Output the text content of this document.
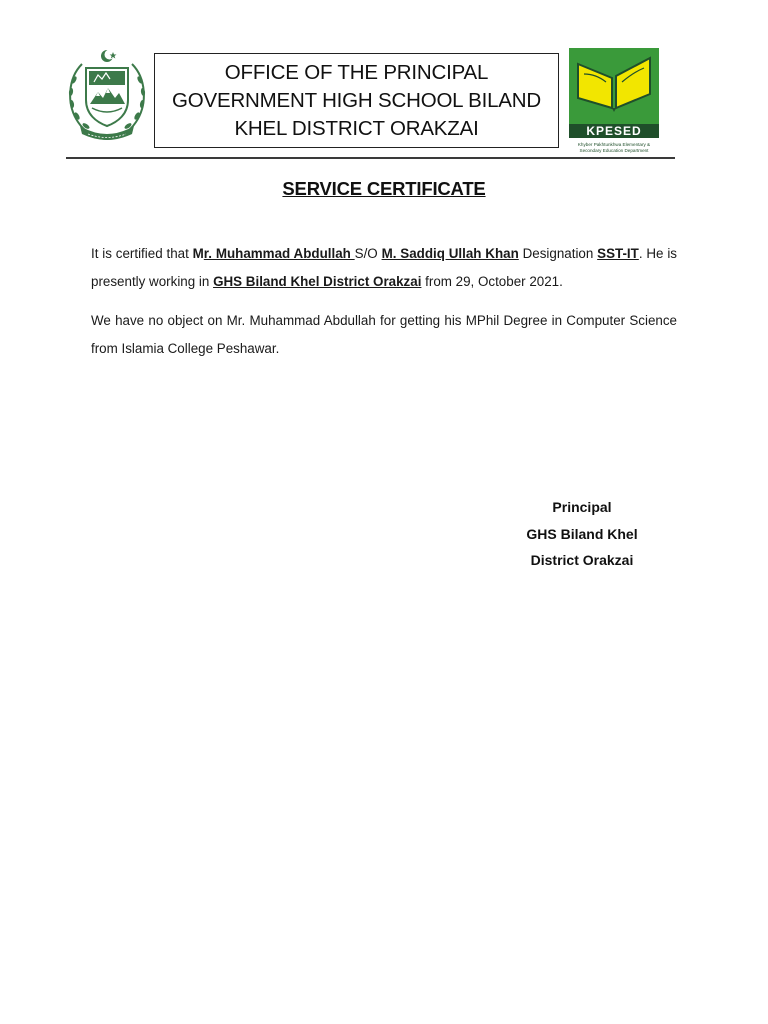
OFFICE OF THE PRINCIPAL GOVERNMENT HIGH SCHOOL BILAND KHEL DISTRICT ORAKZAI	KPESED
Khyber Pakhtunkhwa Elementary &
Secondary Education Department
SERVICE CERTIFICATE
It is certified that Mr. Muhammad Abdullah S/O M. Saddiq Ullah Khan Designation SST-IT. He is presently working in GHS Biland Khel District Orakzai from 29, October 2021.
We have no object on Mr. Muhammad Abdullah for getting his MPhil Degree in Computer Science from Islamia College Peshawar.
Principal
GHS Biland Khel
District Orakzai
